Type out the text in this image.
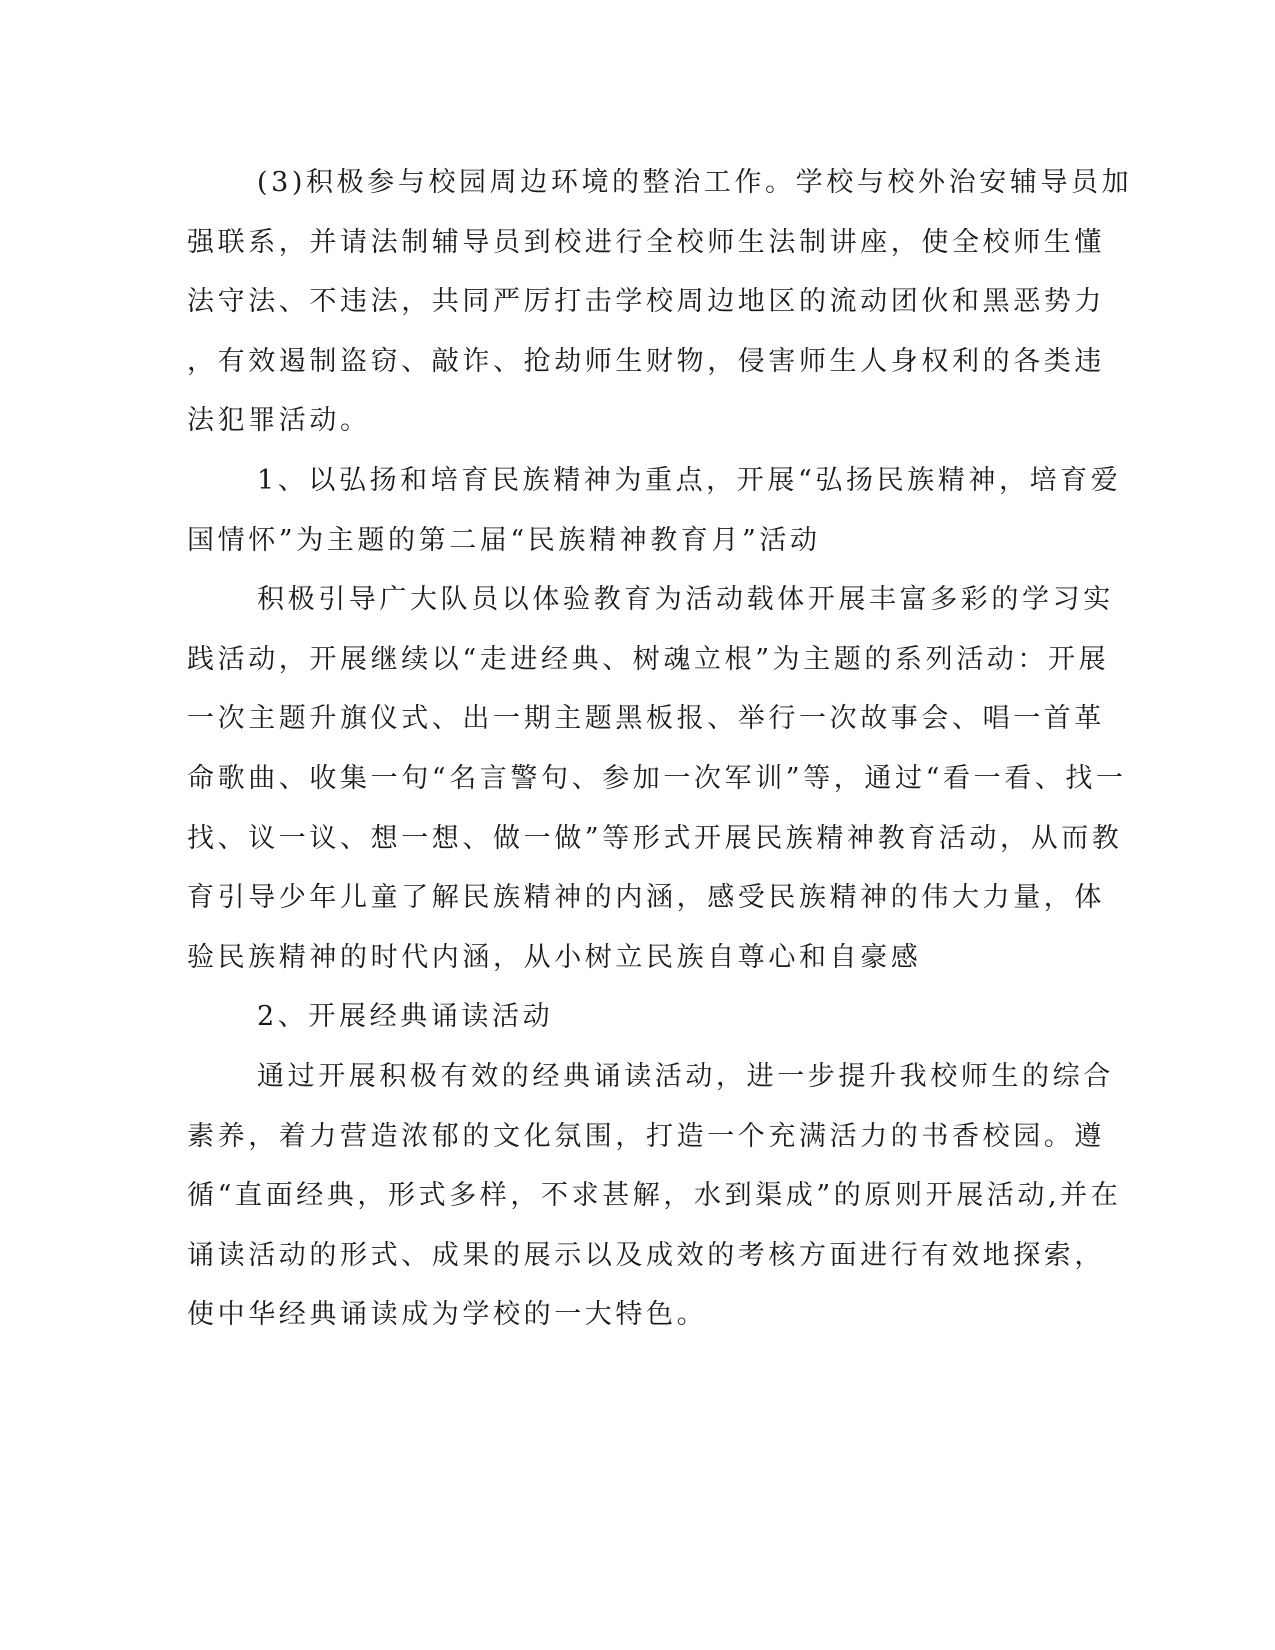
(3)积极参与校园周边环境的整治工作。学校与校外治安辅导员加
强联系，并请法制辅导员到校进行全校师生法制讲座，使全校师生懂
法守法、不违法，共同严厉打击学校周边地区的流动团伙和黑恶势力
，有效遏制盗窃、敲诈、抢劫师生财物，侵害师生人身权利的各类违
法犯罪活动。
1、以弘扬和培育民族精神为重点，开展“弘扬民族精神，培育爱
国情怀”为主题的第二届“民族精神教育月”活动
积极引导广大队员以体验教育为活动载体开展丰富多彩的学习实
践活动，开展继续以“走进经典、树魂立根”为主题的系列活动：开展
一次主题升旗仪式、出一期主题黑板报、举行一次故事会、唱一首革
命歌曲、收集一句“名言警句、参加一次军训”等，通过“看一看、找一
找、议一议、想一想、做一做”等形式开展民族精神教育活动，从而教
育引导少年儿童了解民族精神的内涵，感受民族精神的伟大力量，体
验民族精神的时代内涵，从小树立民族自尊心和自豪感
2、开展经典诵读活动
通过开展积极有效的经典诵读活动，进一步提升我校师生的综合
素养，着力营造浓郁的文化氛围，打造一个充满活力的书香校园。遵
循“直面经典，形式多样，不求甚解，水到渠成”的原则开展活动,并在
诵读活动的形式、成果的展示以及成效的考核方面进行有效地探索，
使中华经典诵读成为学校的一大特色。
